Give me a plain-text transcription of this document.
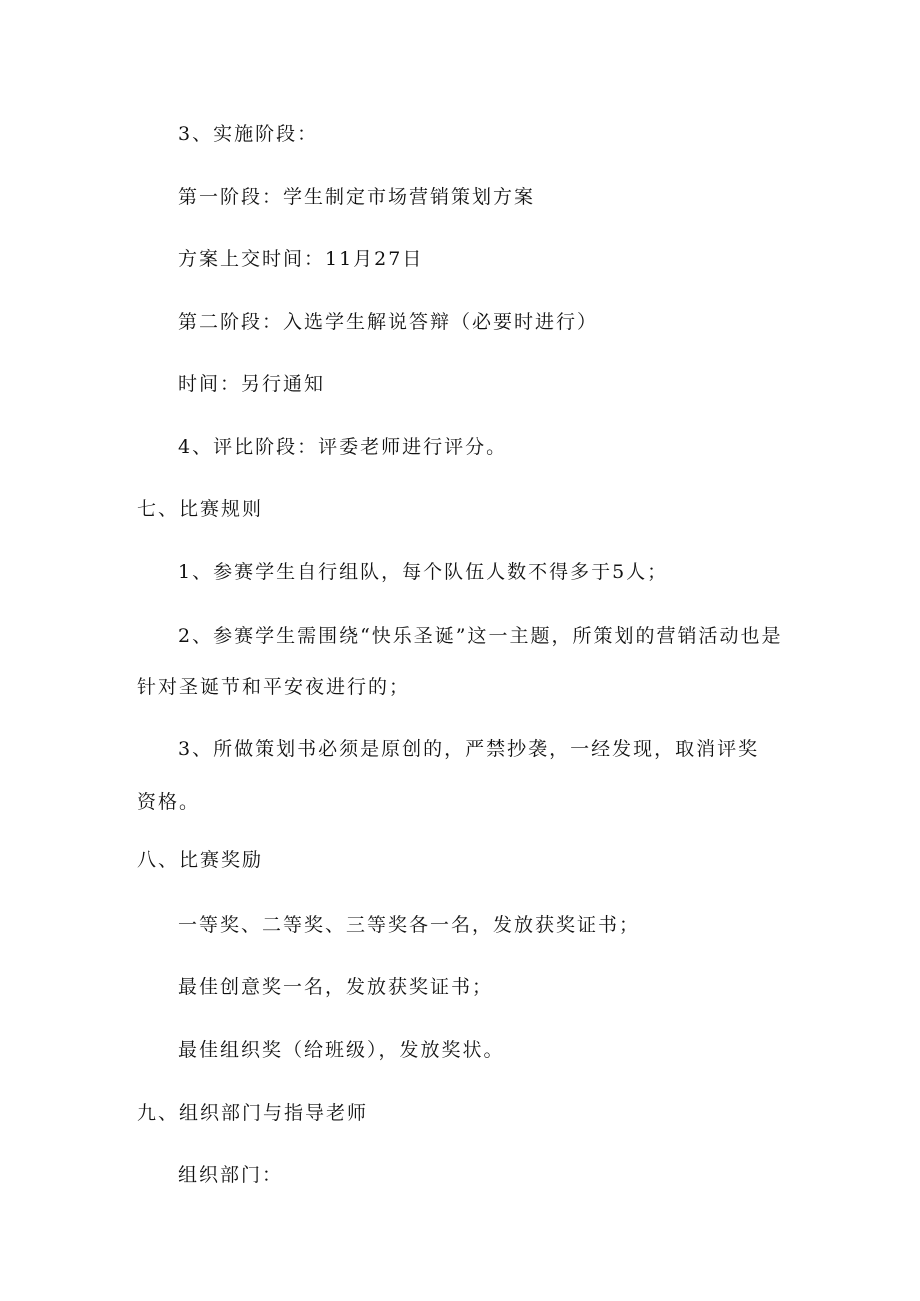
3、实施阶段：
第一阶段：学生制定市场营销策划方案
方案上交时间：11月27日
第二阶段：入选学生解说答辩（必要时进行）
时间：另行通知
4、评比阶段：评委老师进行评分。
七、比赛规则
1、参赛学生自行组队，每个队伍人数不得多于5人；
2、参赛学生需围绕“快乐圣诞”这一主题，所策划的营销活动也是
针对圣诞节和平安夜进行的；
3、所做策划书必须是原创的，严禁抄袭，一经发现，取消评奖
资格。
八、比赛奖励
一等奖、二等奖、三等奖各一名，发放获奖证书；
最佳创意奖一名，发放获奖证书；
最佳组织奖（给班级），发放奖状。
九、组织部门与指导老师
组织部门：
